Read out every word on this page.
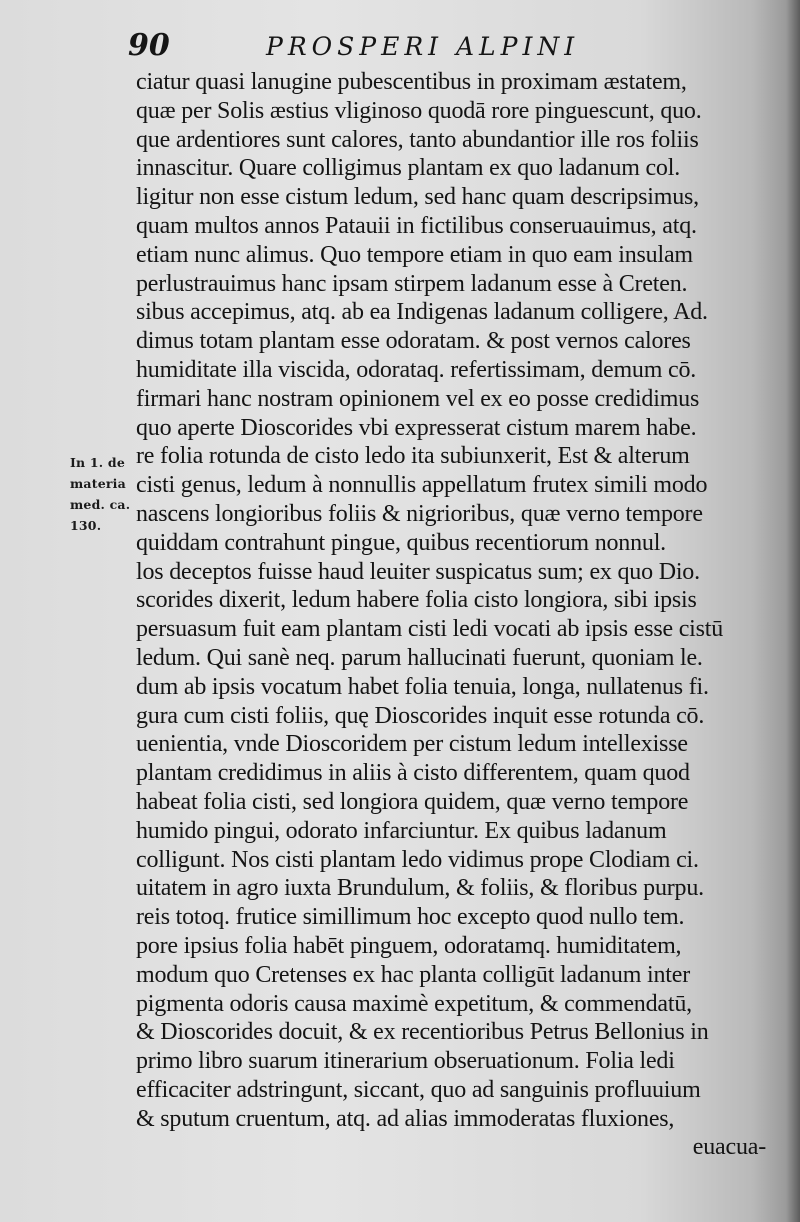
90	PROSPERI ALPINI
In 1. de
materia
med. ca.
130.
ciatur quasi lanugine pubescentibus in proximam æstatem,
quæ per Solis æstius vliginoso quodā rore pinguescunt, quo.
que ardentiores sunt calores, tanto abundantior ille ros foliis
innascitur. Quare colligimus plantam ex quo ladanum col.
ligitur non esse cistum ledum, sed hanc quam descripsimus,
quam multos annos Patauii in fictilibus conseruauimus, atq.
etiam nunc alimus. Quo tempore etiam in quo eam insulam
perlustrauimus hanc ipsam stirpem ladanum esse à Creten.
sibus accepimus, atq. ab ea Indigenas ladanum colligere, Ad.
dimus totam plantam esse odoratam. & post vernos calores
humiditate illa viscida, odorataq. refertissimam, demum cō.
firmari hanc nostram opinionem vel ex eo posse credidimus
quo aperte Dioscorides vbi expresserat cistum marem habe.
re folia rotunda de cisto ledo ita subiunxerit, Est & alterum
cisti genus, ledum à nonnullis appellatum frutex simili modo
nascens longioribus foliis & nigrioribus, quæ verno tempore
quiddam contrahunt pingue, quibus recentiorum nonnul.
los deceptos fuisse haud leuiter suspicatus sum; ex quo Dio.
scorides dixerit, ledum habere folia cisto longiora, sibi ipsis
persuasum fuit eam plantam cisti ledi vocati ab ipsis esse cistū
ledum. Qui sanè neq. parum hallucinati fuerunt, quoniam le.
dum ab ipsis vocatum habet folia tenuia, longa, nullatenus fi.
gura cum cisti foliis, quę Dioscorides inquit esse rotunda cō.
uenientia, vnde Dioscoridem per cistum ledum intellexisse
plantam credidimus in aliis à cisto differentem, quam quod
habeat folia cisti, sed longiora quidem, quæ verno tempore
humido pingui, odorato infarciuntur. Ex quibus ladanum
colligunt. Nos cisti plantam ledo vidimus prope Clodiam ci.
uitatem in agro iuxta Brundulum, & foliis, & floribus purpu.
reis totoq. frutice simillimum hoc excepto quod nullo tem.
pore ipsius folia habēt pinguem, odoratamq. humiditatem,
modum quo Cretenses ex hac planta colligūt ladanum inter
pigmenta odoris causa maximè expetitum, & commendatū,
& Dioscorides docuit, & ex recentioribus Petrus Bellonius in
primo libro suarum itinerarium obseruationum. Folia ledi
efficaciter adstringunt, siccant, quo ad sanguinis profluuium
& sputum cruentum, atq. ad alias immoderatas fluxiones,
euacua-
